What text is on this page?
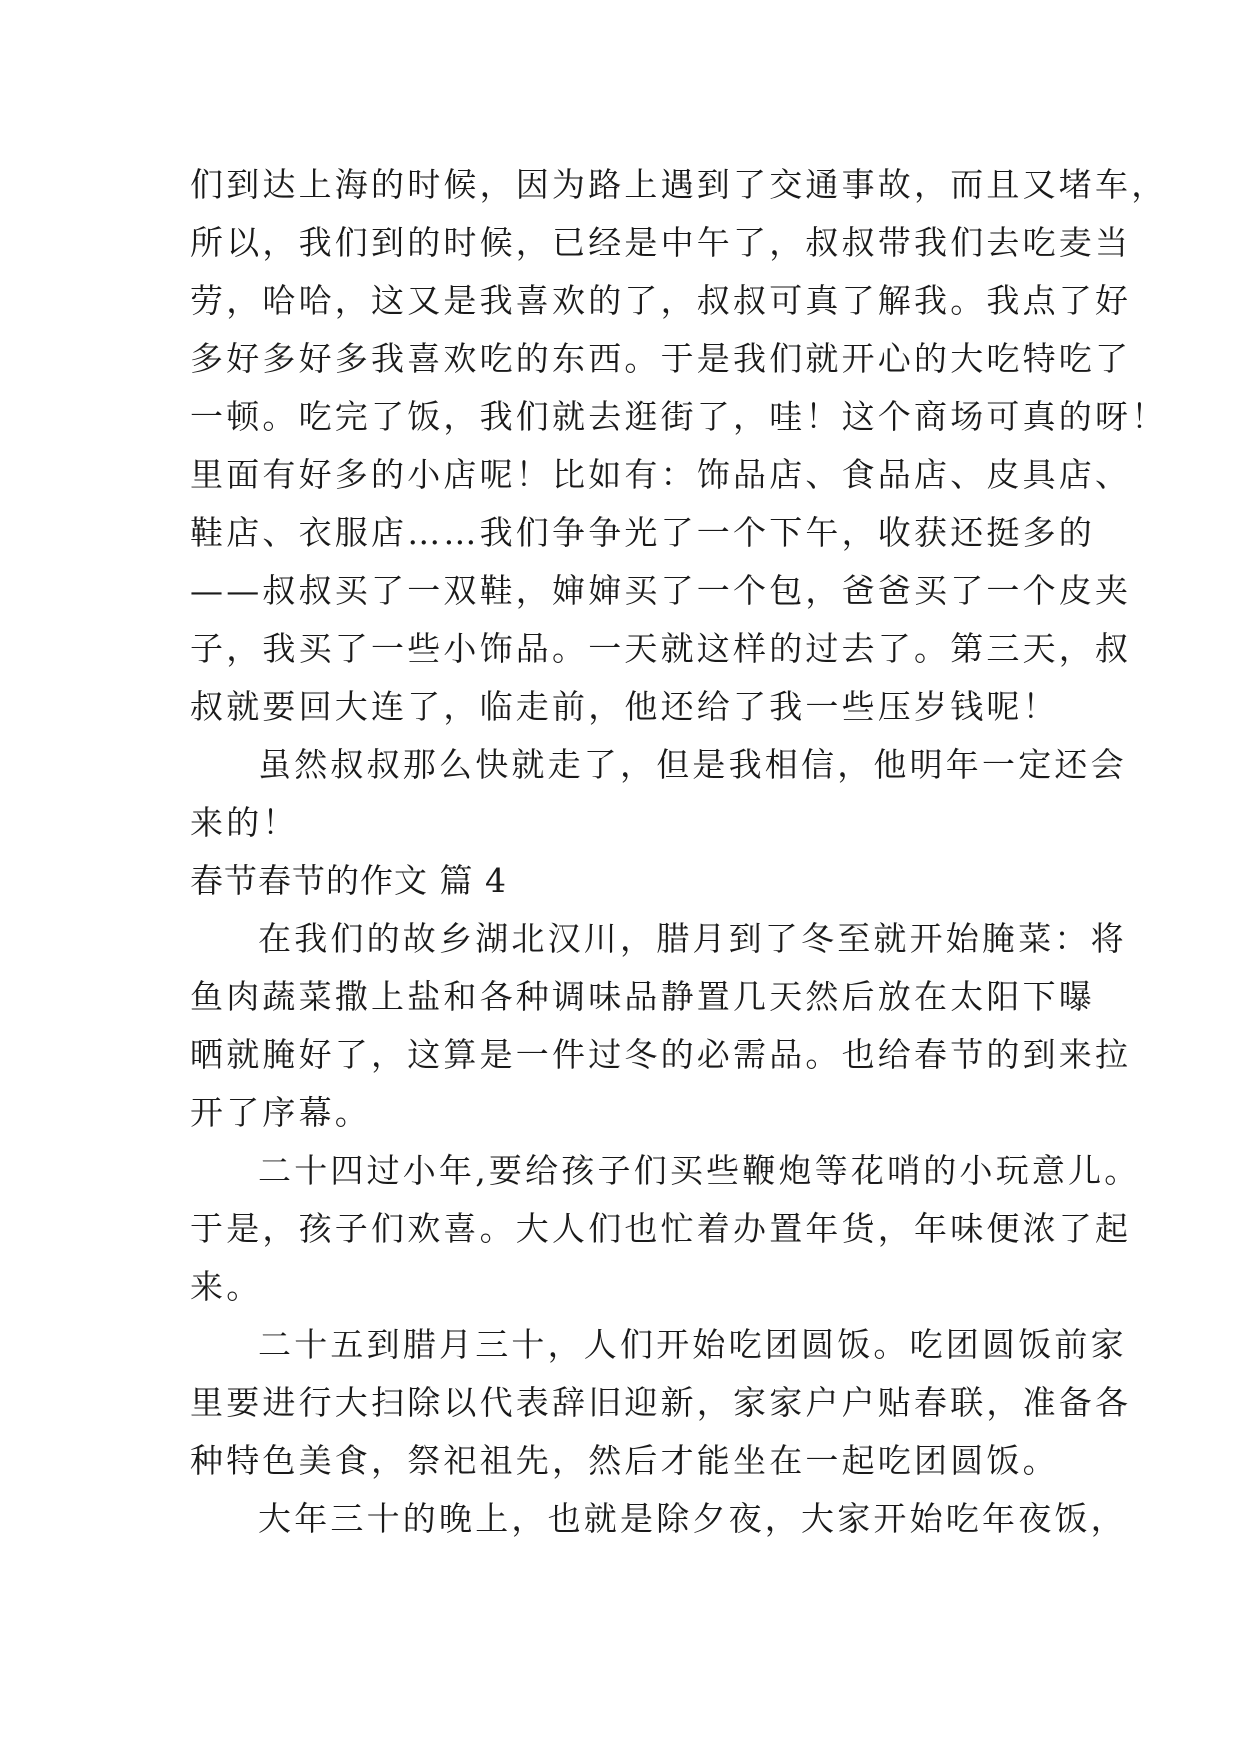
们到达上海的时候，因为路上遇到了交通事故，而且又堵车，
所以，我们到的时候，已经是中午了，叔叔带我们去吃麦当
劳，哈哈，这又是我喜欢的了，叔叔可真了解我。我点了好
多好多好多我喜欢吃的东西。于是我们就开心的大吃特吃了
一顿。吃完了饭，我们就去逛街了，哇！这个商场可真的呀！
里面有好多的小店呢！比如有：饰品店、食品店、皮具店、
鞋店、衣服店……我们争争光了一个下午，收获还挺多的
——叔叔买了一双鞋，婶婶买了一个包，爸爸买了一个皮夹
子，我买了一些小饰品。一天就这样的过去了。第三天，叔
叔就要回大连了，临走前，他还给了我一些压岁钱呢！
虽然叔叔那么快就走了，但是我相信，他明年一定还会
来的！
春节春节的作文 篇 4
在我们的故乡湖北汉川，腊月到了冬至就开始腌菜：将
鱼肉蔬菜撒上盐和各种调味品静置几天然后放在太阳下曝
晒就腌好了，这算是一件过冬的必需品。也给春节的到来拉
开了序幕。
二十四过小年,要给孩子们买些鞭炮等花哨的小玩意儿。
于是，孩子们欢喜。大人们也忙着办置年货，年味便浓了起
来。
二十五到腊月三十，人们开始吃团圆饭。吃团圆饭前家
里要进行大扫除以代表辞旧迎新，家家户户贴春联，准备各
种特色美食，祭祀祖先，然后才能坐在一起吃团圆饭。
大年三十的晚上，也就是除夕夜，大家开始吃年夜饭，
